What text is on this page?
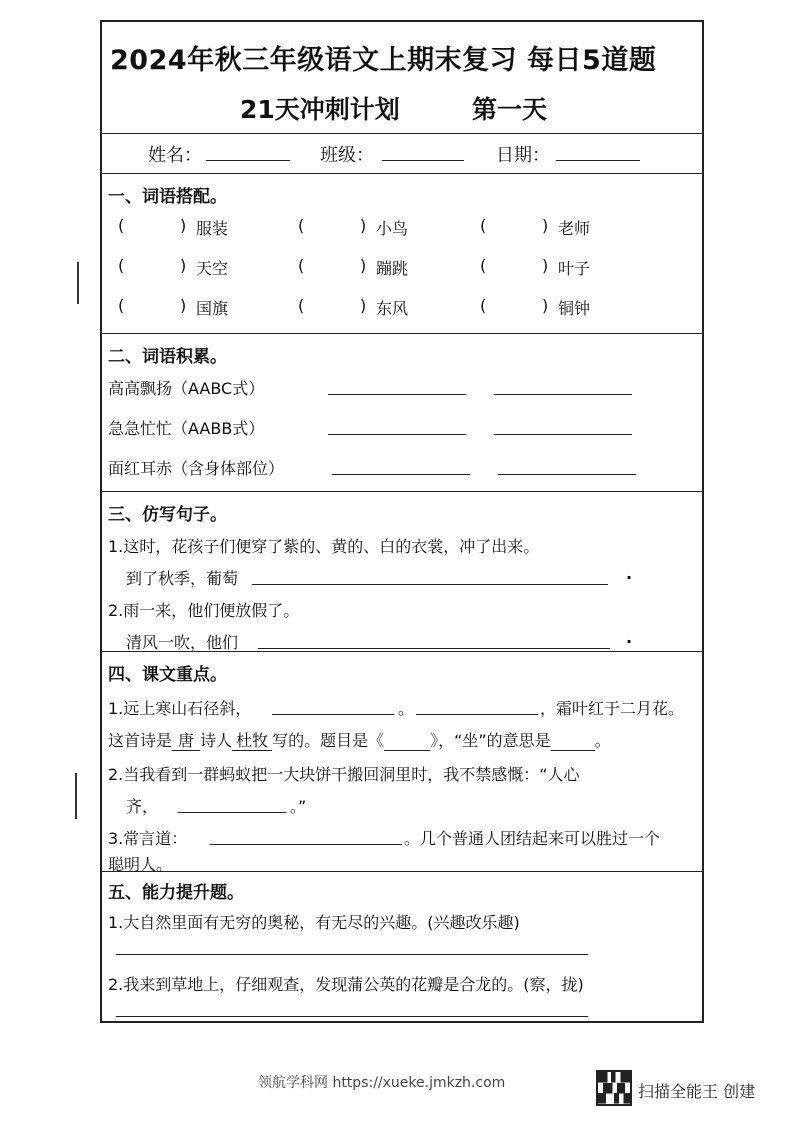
2024年秋三年级语文上期末复习 每日5道题
21天冲刺计划	第一天
姓名：	班级：	日期：
一、词语搭配。
(	) 服装	(	) 小鸟	(	) 老师
(	) 天空	(	) 蹦跳	(	) 叶子
(	) 国旗	(	) 东风	(	) 铜钟
二、词语积累。
高高飘扬（AABC式）
急急忙忙（AABB式）
面红耳赤（含身体部位）
三、仿写句子。
1.这时，花孩子们便穿了紫的、黄的、白的衣裳，冲了出来。
到了秋季，葡萄	.
2.雨一来，他们便放假了。
清风一吹，他们	.
四、课文重点。
1.远上寒山石径斜，	。	，霜叶红于二月花。
这首诗是 唐 诗人 杜牧 写的。题目是《	》，“坐”的意思是	。
2.当我看到一群蚂蚁把一大块饼干搬回洞里时，我不禁感慨：“人心
齐，	。”
3.常言道：	。几个普通人团结起来可以胜过一个
聪明人。
五、能力提升题。
1.大自然里面有无穷的奥秘，有无尽的兴趣。(兴趣改乐趣)
2.我来到草地上，仔细观查，发现蒲公英的花瓣是合龙的。(察，拢)
领航学科网 https://xueke.jmkzh.com	扫描全能王 创建
